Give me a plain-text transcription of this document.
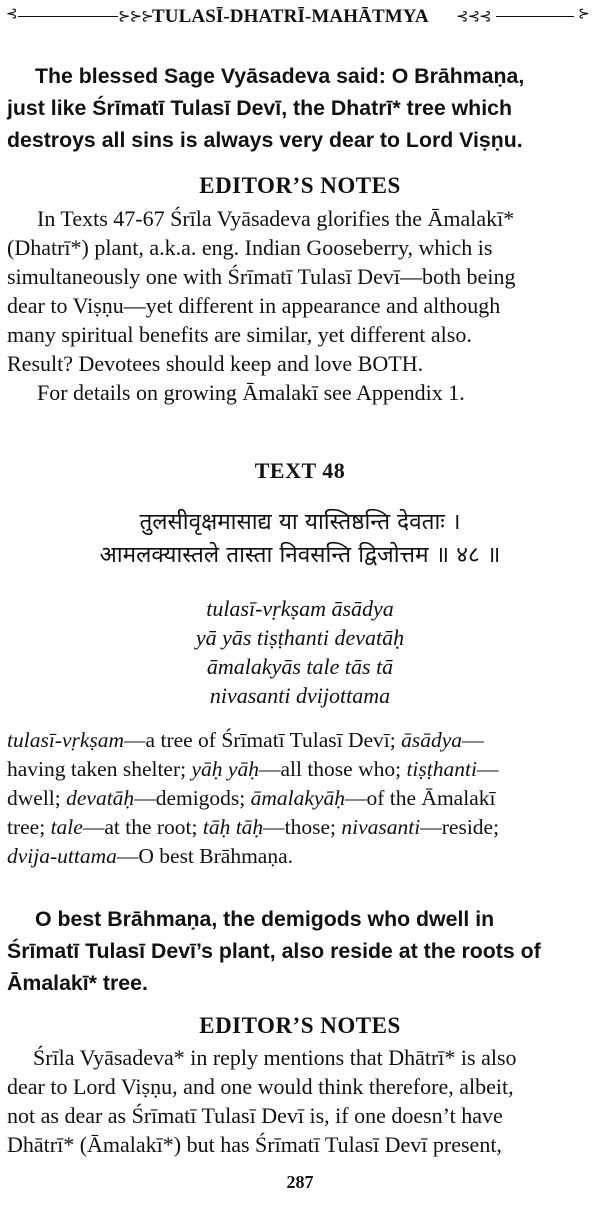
⊰	⊱⊱⊱ TULASĪ-DHATRĪ-MAHĀTMYA ⊰⊰⊰	⊱
The blessed Sage Vyāsadeva said: O Brāhmaṇa,
just like Śrīmatī Tulasī Devī, the Dhatrī* tree which
destroys all sins is always very dear to Lord Viṣṇu.
EDITOR’S NOTES
In Texts 47-67 Śrīla Vyāsadeva glorifies the Āmalakī*
(Dhatrī*) plant, a.k.a. eng. Indian Gooseberry, which is
simultaneously one with Śrīmatī Tulasī Devī—both being
dear to Viṣṇu—yet different in appearance and although
many spiritual benefits are similar, yet different also.
Result? Devotees should keep and love BOTH.
For details on growing Āmalakī see Appendix 1.
TEXT 48
तुलसीवृक्षमासाद्य या यास्तिष्ठन्ति देवताः ।
आमलक्यास्तले तास्ता निवसन्ति द्विजोत्तम ॥ ४८ ॥
tulasī-vṛkṣam āsādya
yā yās tiṣṭhanti devatāḥ
āmalakyās tale tās tā
nivasanti dvijottama
tulasī-vṛkṣam—a tree of Śrīmatī Tulasī Devī; āsādya—
having taken shelter; yāḥ yāḥ—all those who; tiṣṭhanti—
dwell; devatāḥ—demigods; āmalakyāḥ—of the Āmalakī
tree; tale—at the root; tāḥ tāḥ—those; nivasanti—reside;
dvija-uttama—O best Brāhmaṇa.
O best Brāhmaṇa, the demigods who dwell in
Śrīmatī Tulasī Devī’s plant, also reside at the roots of
Āmalakī* tree.
EDITOR’S NOTES
Śrīla Vyāsadeva* in reply mentions that Dhātrī* is also
dear to Lord Viṣṇu, and one would think therefore, albeit,
not as dear as Śrīmatī Tulasī Devī is, if one doesn’t have
Dhātrī* (Āmalakī*) but has Śrīmatī Tulasī Devī present,
287
